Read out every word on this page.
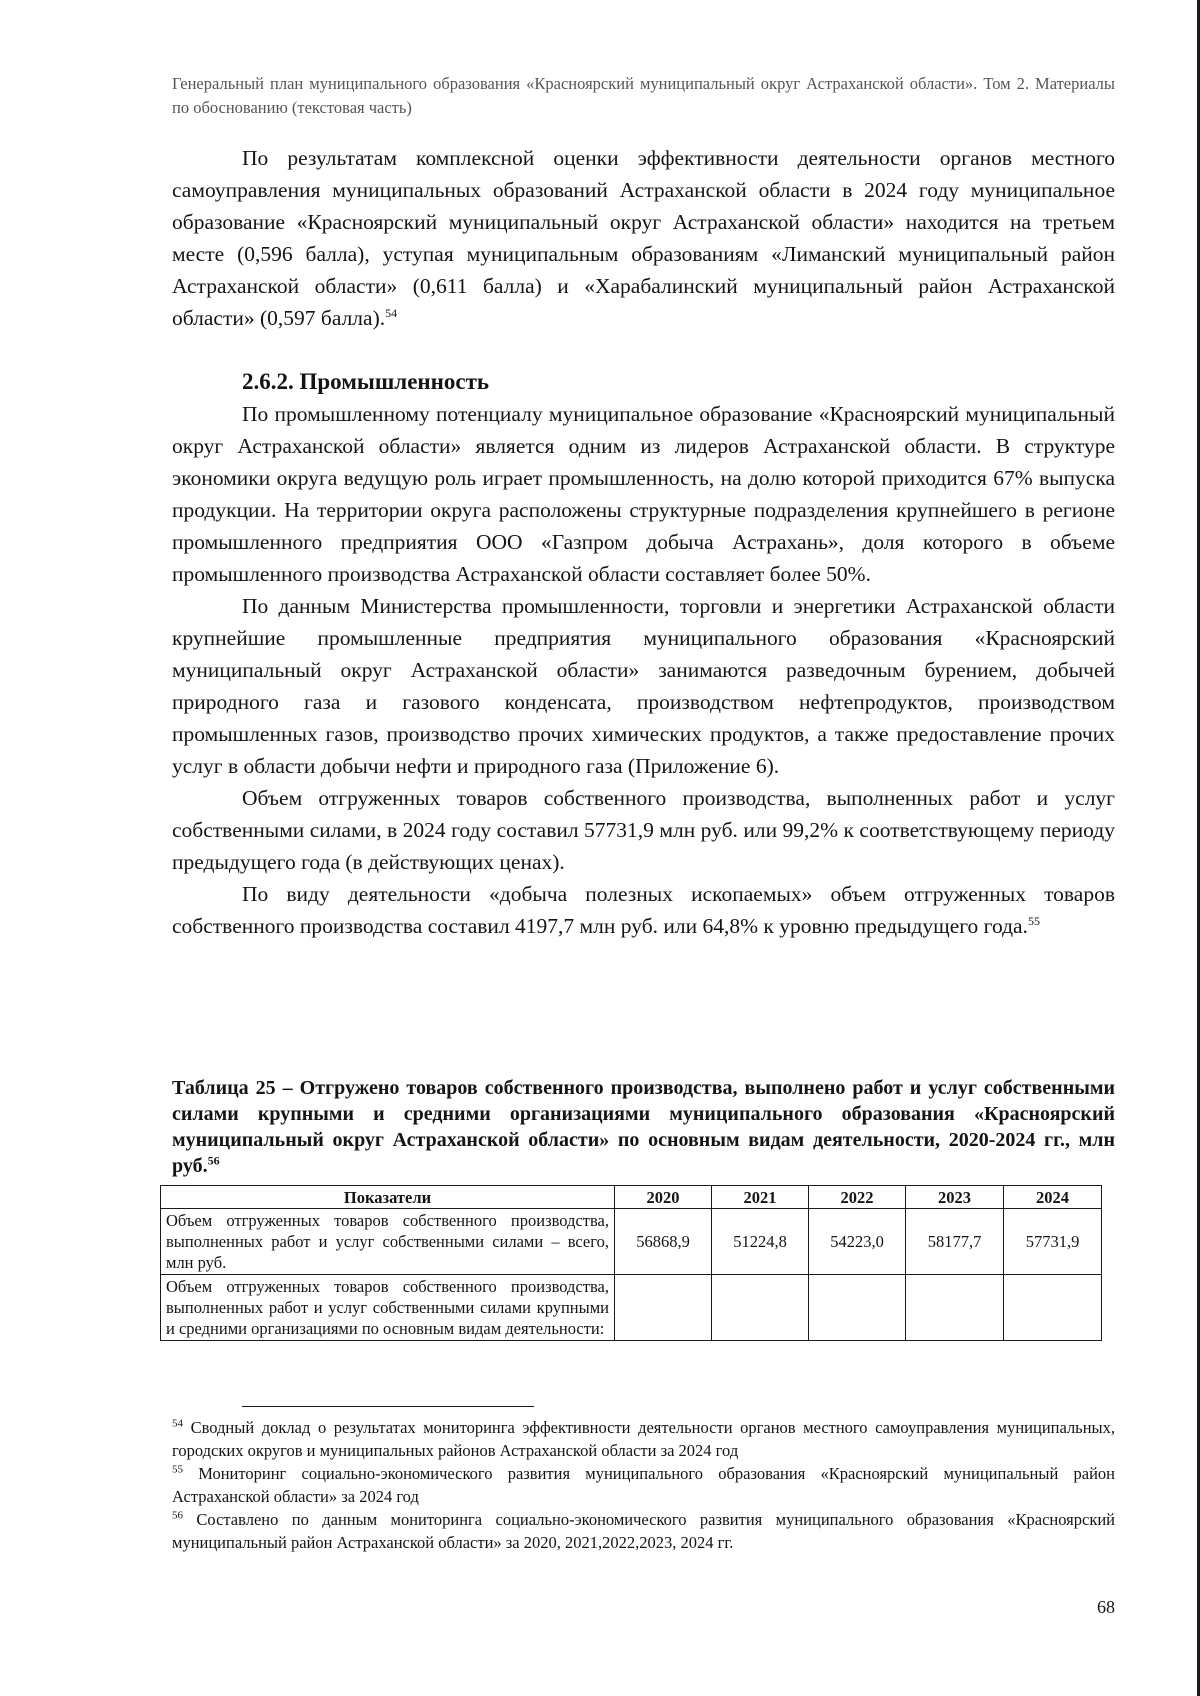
Генеральный план муниципального образования «Красноярский муниципальный округ Астраханской области». Том 2. Материалы по обоснованию (текстовая часть)

По результатам комплексной оценки эффективности деятельности органов местного самоуправления муниципальных образований Астраханской области в 2024 году муниципальное образование «Красноярский муниципальный округ Астраханской области» находится на третьем месте (0,596 балла), уступая муниципальным образованиям «Лиманский муниципальный район Астраханской области» (0,611 балла) и «Харабалинский муниципальный район Астраханской области» (0,597 балла).$^{54}$

2.6.2. Промышленность

По промышленному потенциалу муниципальное образование «Красноярский муниципальный округ Астраханской области» является одним из лидеров Астраханской области. В структуре экономики округа ведущую роль играет промышленность, на долю которой приходится 67% выпуска продукции. На территории округа расположены структурные подразделения крупнейшего в регионе промышленного предприятия ООО «Газпром добыча Астрахань», доля которого в объеме промышленного производства Астраханской области составляет более 50%.

По данным Министерства промышленности, торговли и энергетики Астраханской области крупнейшие промышленные предприятия муниципального образования «Красноярский муниципальный округ Астраханской области» занимаются разведочным бурением, добычей природного газа и газового конденсата, производством нефтепродуктов, производством промышленных газов, производство прочих химических продуктов, а также предоставление прочих услуг в области добычи нефти и природного газа (Приложение 6).

Объем отгруженных товаров собственного производства, выполненных работ и услуг собственными силами, в 2024 году составил 57731,9 млн руб. или 99,2% к соответствующему периоду предыдущего года (в действующих ценах).

По виду деятельности «добыча полезных ископаемых» объем отгруженных товаров собственного производства составил 4197,7 млн руб. или 64,8% к уровню предыдущего года.$^{55}$

Таблица 25 – Отгружено товаров собственного производства, выполнено работ и услуг собственными силами крупными и средними организациями муниципального образования «Красноярский муниципальный округ Астраханской области» по основным видам деятельности, 2020-2024 гг., млн руб.$^{56}$

Показатели	2020	2021	2022	2023	2024
Объем отгруженных товаров собственного производства, выполненных работ и услуг собственными силами – всего, млн руб.	56868,9	51224,8	54223,0	58177,7	57731,9
Объем отгруженных товаров собственного производства, выполненных работ и услуг собственными силами крупными и средними организациями по основным видам деятельности:					

$^{54}$ Сводный доклад о результатах мониторинга эффективности деятельности органов местного самоуправления муниципальных, городских округов и муниципальных районов Астраханской области за 2024 год

$^{55}$ Мониторинг социально-экономического развития муниципального образования «Красноярский муниципальный район Астраханской области» за 2024 год

$^{56}$ Составлено по данным мониторинга социально-экономического развития муниципального образования «Красноярский муниципальный район Астраханской области» за 2020, 2021,2022,2023, 2024 гг.

68
